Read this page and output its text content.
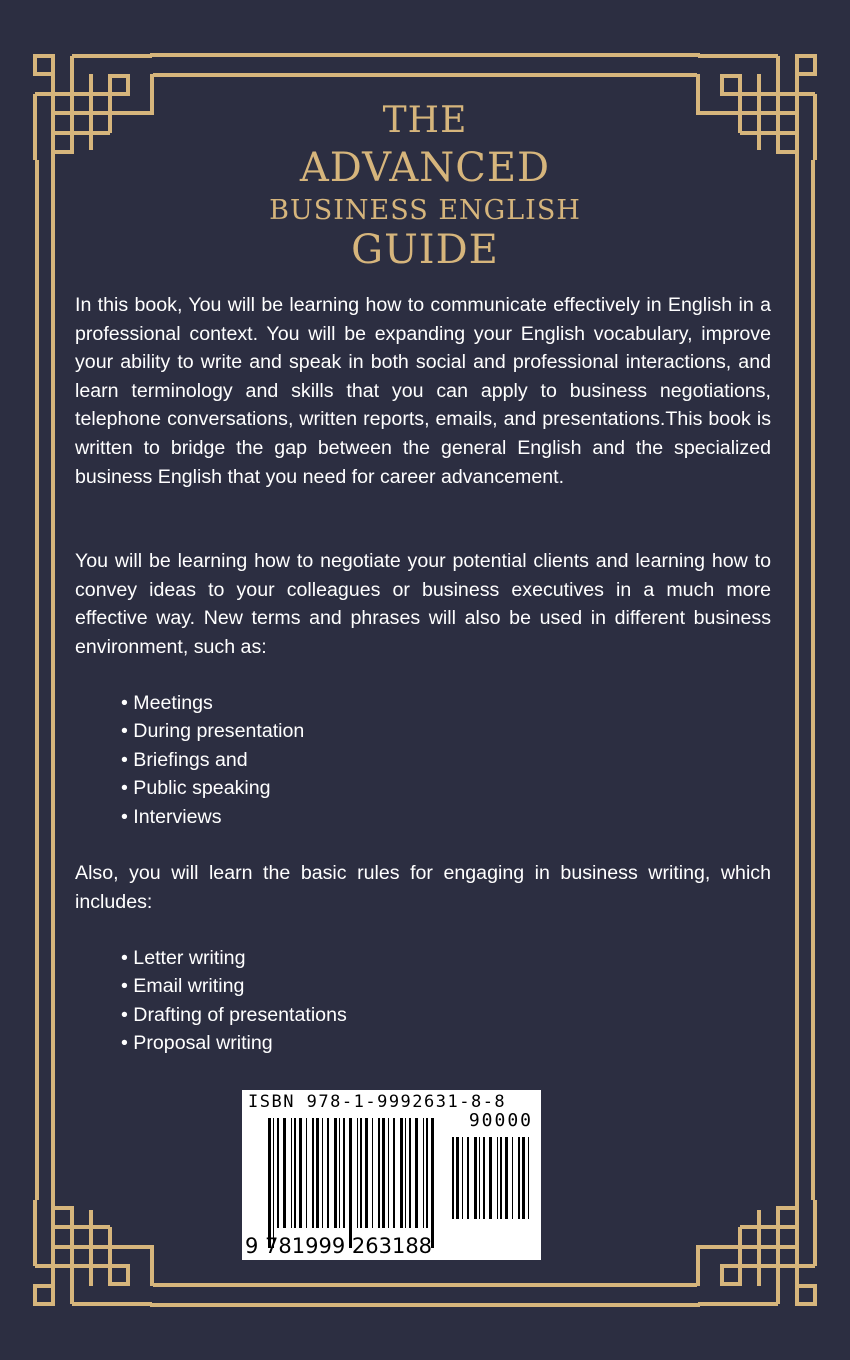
THE
ADVANCED
BUSINESS ENGLISH
GUIDE

In this book, You will be learning how to communicate effectively in English in a professional context. You will be expanding your English vocabulary, improve your ability to write and speak in both social and professional interactions, and learn terminology and skills that you can apply to business negotiations, telephone conversations, written reports, emails, and presentations.This book is written to bridge the gap between the general English and the specialized business English that you need for career advancement.

You will be learning how to negotiate your potential clients and learning how to convey ideas to your colleagues or business executives in a much more effective way. New terms and phrases will also be used in different business environment, such as:

• Meetings
• During presentation
• Briefings and
• Public speaking
• Interviews

Also, you will learn the basic rules for engaging in business writing, which includes:

• Letter writing
• Email writing
• Drafting of presentations
• Proposal writing
ISBN 978-1-9992631-8-8
90000
9 781999 263188
